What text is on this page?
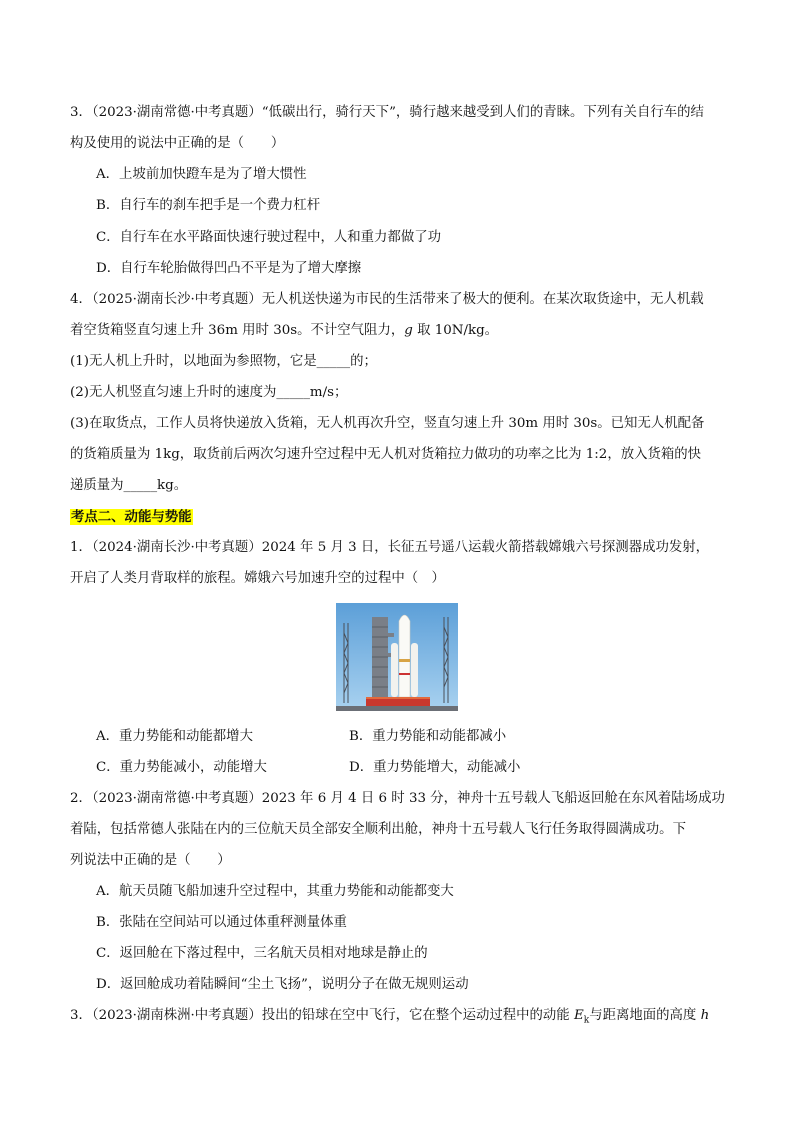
3．（2023·湖南常德·中考真题）“低碳出行，骑行天下”，骑行越来越受到人们的青睐。下列有关自行车的结
构及使用的说法中正确的是（　　）
A．上坡前加快蹬车是为了增大惯性
B．自行车的刹车把手是一个费力杠杆
C．自行车在水平路面快速行驶过程中，人和重力都做了功
D．自行车轮胎做得凹凸不平是为了增大摩擦
4．（2025·湖南长沙·中考真题）无人机送快递为市民的生活带来了极大的便利。在某次取货途中，无人机载
着空货箱竖直匀速上升 36m 用时 30s。不计空气阻力，g 取 10N/kg。
(1)无人机上升时，以地面为参照物，它是_____的；
(2)无人机竖直匀速上升时的速度为_____m/s；
(3)在取货点，工作人员将快递放入货箱，无人机再次升空，竖直匀速上升 30m 用时 30s。已知无人机配备
的货箱质量为 1kg，取货前后两次匀速升空过程中无人机对货箱拉力做功的功率之比为 1:2，放入货箱的快
递质量为_____kg。
考点二、动能与势能
1．（2024·湖南长沙·中考真题）2024 年 5 月 3 日，长征五号遥八运载火箭搭载嫦娥六号探测器成功发射，
开启了人类月背取样的旅程。嫦娥六号加速升空的过程中（　）
A．重力势能和动能都增大	B．重力势能和动能都减小
C．重力势能减小，动能增大	D．重力势能增大，动能减小
2．（2023·湖南常德·中考真题）2023 年 6 月 4 日 6 时 33 分，神舟十五号载人飞船返回舱在东风着陆场成功
着陆，包括常德人张陆在内的三位航天员全部安全顺利出舱，神舟十五号载人飞行任务取得圆满成功。下
列说法中正确的是（　　）
A．航天员随飞船加速升空过程中，其重力势能和动能都变大
B．张陆在空间站可以通过体重秤测量体重
C．返回舱在下落过程中，三名航天员相对地球是静止的
D．返回舱成功着陆瞬间“尘土飞扬”，说明分子在做无规则运动
3．（2023·湖南株洲·中考真题）投出的铅球在空中飞行，它在整个运动过程中的动能 $E_k$与距离地面的高度 h
